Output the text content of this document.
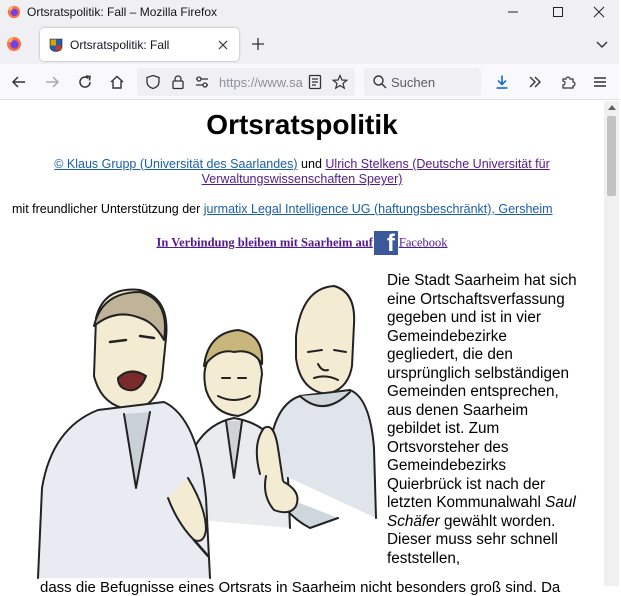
Ortsratspolitik: Fall – Mozilla Firefox
Ortsratspolitik: Fall
https://www.sa	Suchen
Ortsratspolitik
© Klaus Grupp (Universität des Saarlandes) und Ulrich Stelkens (Deutsche Universität für Verwaltungswissenschaften Speyer)
mit freundlicher Unterstützung der jurmatix Legal Intelligence UG (haftungsbeschränkt), Gersheim
In Verbindung bleiben mit Saarheim auf f Facebook
Die Stadt Saarheim hat sich eine Ortschaftsverfassung gegeben und ist in vier Gemeindebezirke gegliedert, die den ursprünglich selbständigen Gemeinden entsprechen, aus denen Saarheim gebildet ist. Zum Ortsvorsteher des Gemeindebezirks Quierbrück ist nach der letzten Kommunalwahl Saul Schäfer gewählt worden. Dieser muss sehr schnell feststellen,
dass die Befugnisse eines Ortsrats in Saarheim nicht besonders groß sind. Da
